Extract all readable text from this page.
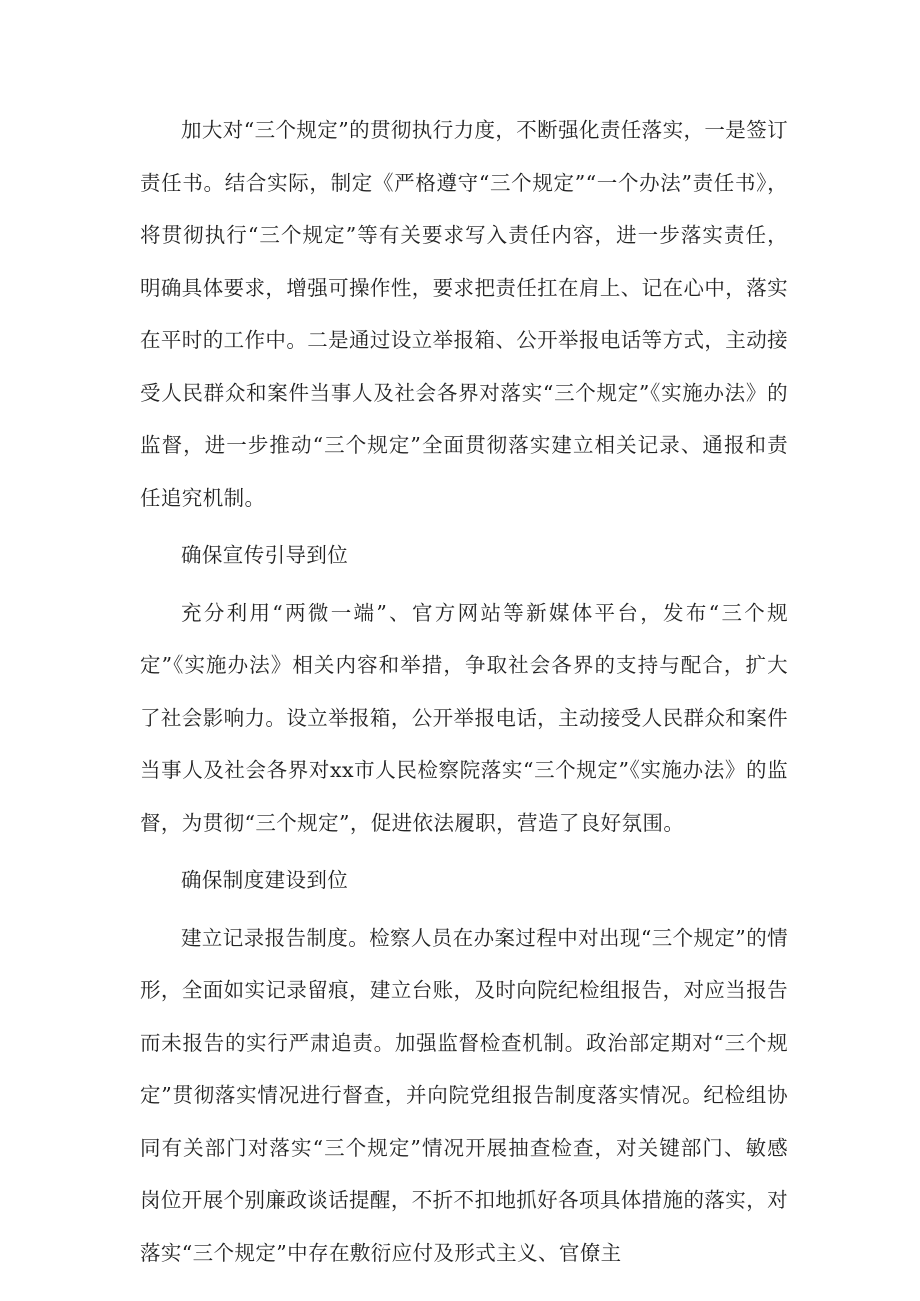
加大对“三个规定”的贯彻执行力度，不断强化责任落实，一是签订责任书。结合实际，制定《严格遵守“三个规定”“一个办法”责任书》，将贯彻执行“三个规定”等有关要求写入责任内容，进一步落实责任，明确具体要求，增强可操作性，要求把责任扛在肩上、记在心中，落实在平时的工作中。二是通过设立举报箱、公开举报电话等方式，主动接受人民群众和案件当事人及社会各界对落实“三个规定”《实施办法》的监督，进一步推动“三个规定”全面贯彻落实建立相关记录、通报和责任追究机制。

确保宣传引导到位

充分利用“两微一端”、官方网站等新媒体平台，发布“三个规定”《实施办法》相关内容和举措，争取社会各界的支持与配合，扩大了社会影响力。设立举报箱，公开举报电话，主动接受人民群众和案件当事人及社会各界对xx市人民检察院落实“三个规定”《实施办法》的监督，为贯彻“三个规定”，促进依法履职，营造了良好氛围。

确保制度建设到位

建立记录报告制度。检察人员在办案过程中对出现“三个规定”的情形，全面如实记录留痕，建立台账，及时向院纪检组报告，对应当报告而未报告的实行严肃追责。加强监督检查机制。政治部定期对“三个规定”贯彻落实情况进行督查，并向院党组报告制度落实情况。纪检组协同有关部门对落实“三个规定”情况开展抽查检查，对关键部门、敏感岗位开展个别廉政谈话提醒，不折不扣地抓好各项具体措施的落实，对落实“三个规定”中存在敷衍应付及形式主义、官僚主
